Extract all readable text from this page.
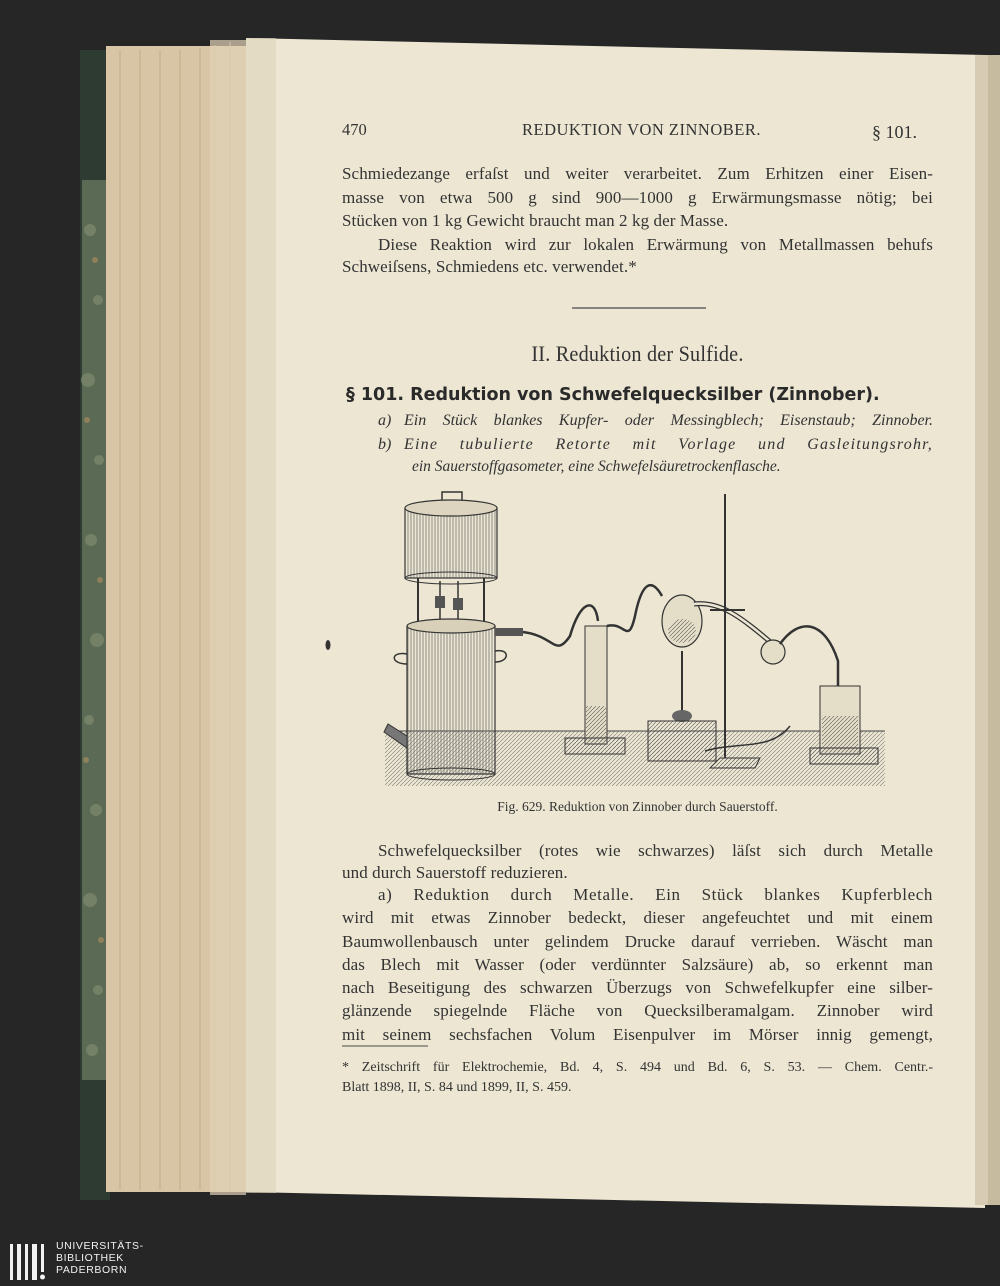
470	REDUKTION VON ZINNOBER.	§ 101.
Schmiedezange erfaſst und weiter verarbeitet. Zum Erhitzen einer Eisen-
masse von etwa 500 g sind 900—1000 g Erwärmungsmasse nötig; bei
Stücken von 1 kg Gewicht braucht man 2 kg der Masse.
Diese Reaktion wird zur lokalen Erwärmung von Metallmassen behufs
Schweiſsens, Schmiedens etc. verwendet.*
II. Reduktion der Sulfide.
§ 101. Reduktion von Schwefelquecksilber (Zinnober).
a) Ein Stück blankes Kupfer- oder Messingblech; Eisenstaub; Zinnober.
b) Eine tubulierte Retorte mit Vorlage und Gasleitungsrohr,
ein Sauerstoffgasometer, eine Schwefelsäuretrockenflasche.
Fig. 629. Reduktion von Zinnober durch Sauerstoff.
Schwefelquecksilber (rotes wie schwarzes) läſst sich durch Metalle
und durch Sauerstoff reduzieren.
a) Reduktion durch Metalle. Ein Stück blankes Kupferblech
wird mit etwas Zinnober bedeckt, dieser angefeuchtet und mit einem
Baumwollenbausch unter gelindem Drucke darauf verrieben. Wäscht man
das Blech mit Wasser (oder verdünnter Salzsäure) ab, so erkennt man
nach Beseitigung des schwarzen Überzugs von Schwefelkupfer eine silber-
glänzende spiegelnde Fläche von Quecksilberamalgam. Zinnober wird
mit seinem sechsfachen Volum Eisenpulver im Mörser innig gemengt,
* Zeitschrift für Elektrochemie, Bd. 4, S. 494 und Bd. 6, S. 53. — Chem. Centr.-
Blatt 1898, II, S. 84 und 1899, II, S. 459.
UNIVERSITÄTS-
BIBLIOTHEK
PADERBORN
